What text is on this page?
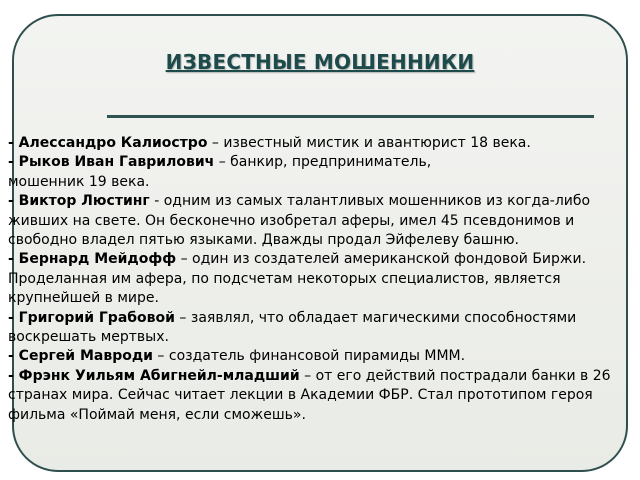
ИЗВЕСТНЫЕ МОШЕННИКИ

- Алессандро Калиостро – известный мистик и авантюрист 18 века.

- Рыков Иван Гаврилович – банкир, предприниматель, мошенник 19 века.

- Виктор Люстинг - одним из самых талантливых мошенников из когда-либо живших на свете. Он бесконечно изобретал аферы, имел 45 псевдонимов и свободно владел пятью языками. Дважды продал Эйфелеву башню.

- Бернард Мейдофф – один из создателей американской фондовой Биржи. Проделанная им афера, по подсчетам некоторых специалистов, является крупнейшей в мире.

- Григорий Грабовой – заявлял, что обладает магическими способностями воскрешать мертвых.

- Сергей Мавроди – создатель финансовой пирамиды МММ.

- Фрэнк Уильям Абигнейл-младший – от его действий пострадали банки в 26 странах мира. Сейчас читает лекции в Академии ФБР. Стал прототипом героя фильма «Поймай меня, если сможешь».
